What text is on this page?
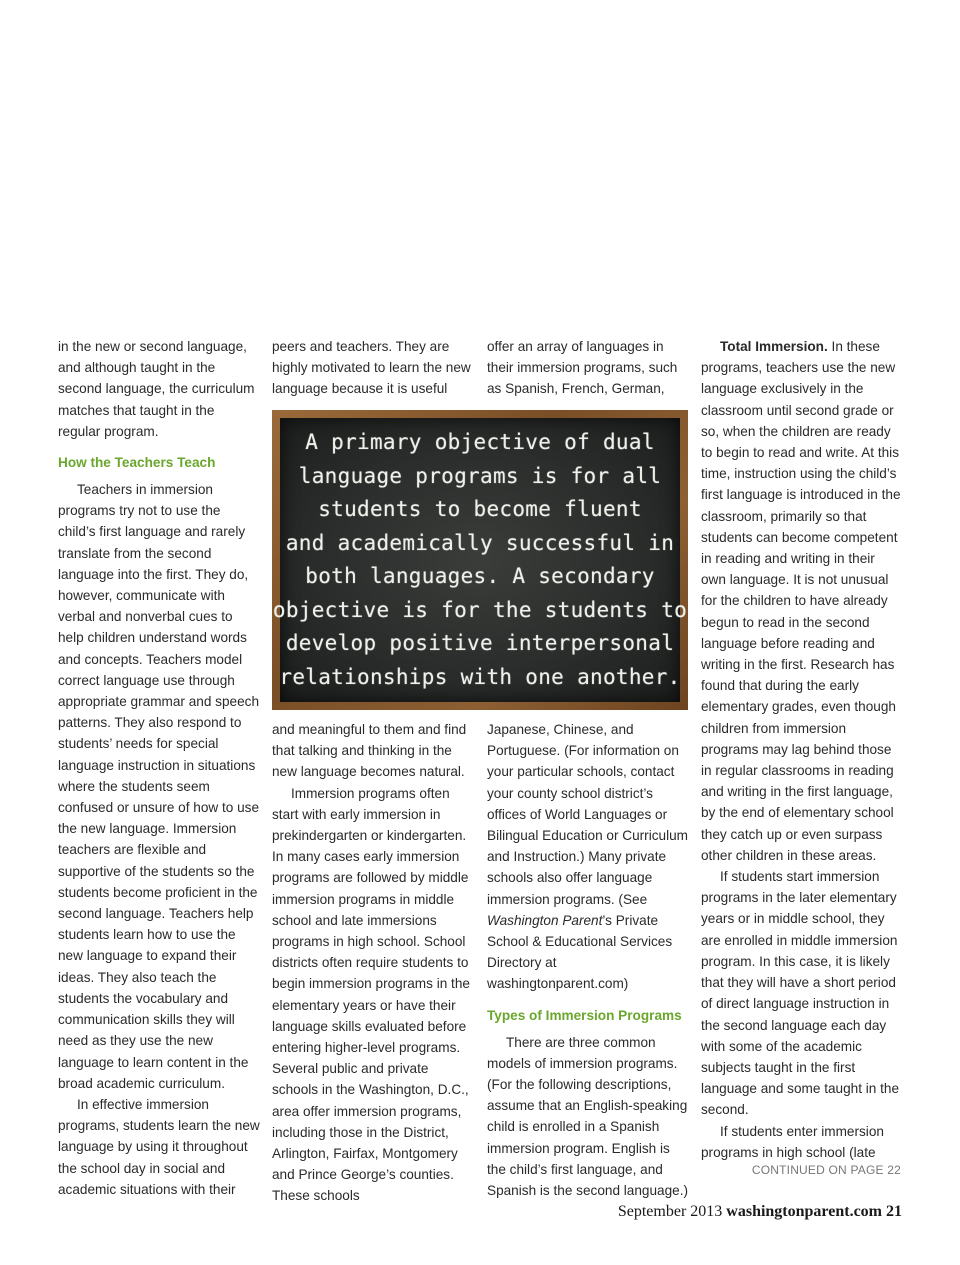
in the new or second language, and although taught in the second language, the curriculum matches that taught in the regular program.

How the Teachers Teach

Teachers in immersion programs try not to use the child’s first language and rarely translate from the second language into the first. They do, however, communicate with verbal and nonverbal cues to help children understand words and concepts. Teachers model correct language use through appropriate grammar and speech patterns. They also respond to students’ needs for special language instruction in situations where the students seem confused or unsure of how to use the new language. Immersion teachers are flexible and supportive of the students so the students become proficient in the second language. Teachers help students learn how to use the new language to expand their ideas. They also teach the students the vocabulary and communication skills they will need as they use the new language to learn content in the broad academic curriculum.

In effective immersion programs, students learn the new language by using it throughout the school day in social and academic situations with their

peers and teachers. They are highly motivated to learn the new language because it is useful

offer an array of languages in their immersion programs, such as Spanish, French, German,

A primary objective of dual
language programs is for all
students to become fluent
and academically successful in
both languages. A secondary
objective is for the students to
develop positive interpersonal
relationships with one another.

and meaningful to them and find that talking and thinking in the new language becomes natural.

Immersion programs often start with early immersion in prekindergarten or kindergarten. In many cases early immersion programs are followed by middle immersion programs in middle school and late immersions programs in high school. School districts often require students to begin immersion programs in the elementary years or have their language skills evaluated before entering higher-level programs. Several public and private schools in the Washington, D.C., area offer immersion programs, including those in the District, Arlington, Fairfax, Montgomery and Prince George’s counties. These schools

Japanese, Chinese, and Portuguese. (For information on your particular schools, contact your county school district’s offices of World Languages or Bilingual Education or Curriculum and Instruction.) Many private schools also offer language immersion programs. (See Washington Parent’s Private School & Educational Services Directory at washingtonparent.com)

Types of Immersion Programs

There are three common models of immersion programs. (For the following descriptions, assume that an English-speaking child is enrolled in a Spanish immersion program. English is the child’s first language, and Spanish is the second language.)

Total Immersion. In these programs, teachers use the new language exclusively in the classroom until second grade or so, when the children are ready to begin to read and write. At this time, instruction using the child’s first language is introduced in the classroom, primarily so that students can become competent in reading and writing in their own language. It is not unusual for the children to have already begun to read in the second language before reading and writing in the first. Research has found that during the early elementary grades, even though children from immersion programs may lag behind those in regular classrooms in reading and writing in the first language, by the end of elementary school they catch up or even surpass other children in these areas.

If students start immersion programs in the later elementary years or in middle school, they are enrolled in middle immersion program. In this case, it is likely that they will have a short period of direct language instruction in the second language each day with some of the academic subjects taught in the first language and some taught in the second.

If students enter immersion programs in high school (late

CONTINUED ON PAGE 22
September 2013 washingtonparent.com 21
